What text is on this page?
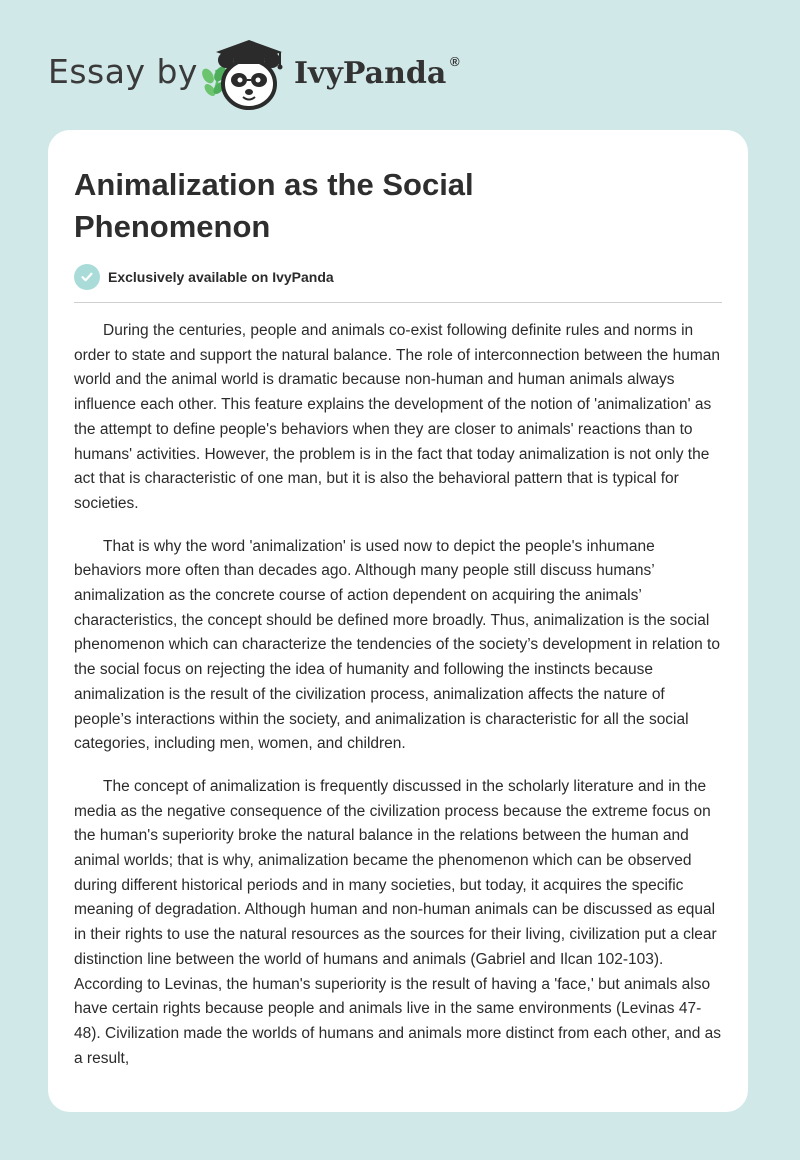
Essay by	IvyPanda ®
Animalization as the Social Phenomenon
Exclusively available on IvyPanda

During the centuries, people and animals co-exist following definite rules and norms in order to state and support the natural balance. The role of interconnection between the human world and the animal world is dramatic because non-human and human animals always influence each other. This feature explains the development of the notion of 'animalization' as the attempt to define people's behaviors when they are closer to animals' reactions than to humans' activities. However, the problem is in the fact that today animalization is not only the act that is characteristic of one man, but it is also the behavioral pattern that is typical for societies.

That is why the word 'animalization' is used now to depict the people's inhumane behaviors more often than decades ago. Although many people still discuss humans’ animalization as the concrete course of action dependent on acquiring the animals’ characteristics, the concept should be defined more broadly. Thus, animalization is the social phenomenon which can characterize the tendencies of the society’s development in relation to the social focus on rejecting the idea of humanity and following the instincts because animalization is the result of the civilization process, animalization affects the nature of people’s interactions within the society, and animalization is characteristic for all the social categories, including men, women, and children.

The concept of animalization is frequently discussed in the scholarly literature and in the media as the negative consequence of the civilization process because the extreme focus on the human's superiority broke the natural balance in the relations between the human and animal worlds; that is why, animalization became the phenomenon which can be observed during different historical periods and in many societies, but today, it acquires the specific meaning of degradation. Although human and non-human animals can be discussed as equal in their rights to use the natural resources as the sources for their living, civilization put a clear distinction line between the world of humans and animals (Gabriel and Ilcan 102-103). According to Levinas, the human's superiority is the result of having a 'face,' but animals also have certain rights because people and animals live in the same environments (Levinas 47-48). Civilization made the worlds of humans and animals more distinct from each other, and as a result,
